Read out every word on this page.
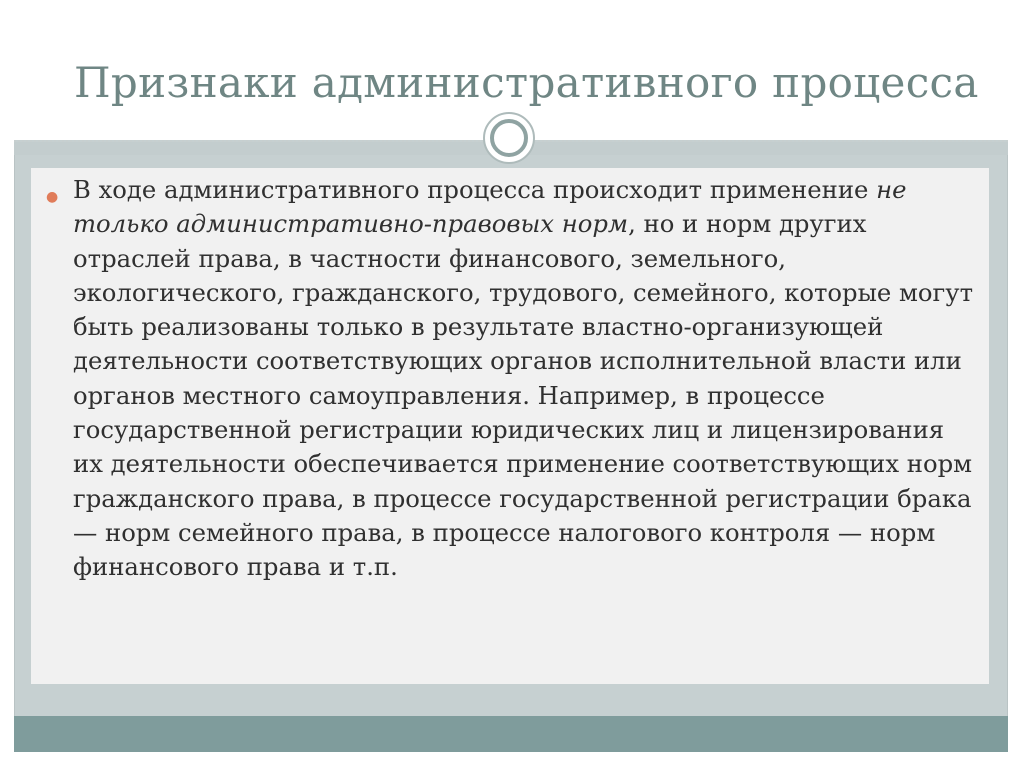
Признаки административного процесса
● В ходе административного процесса происходит применение не только административно-правовых норм, но и норм других отраслей права, в частности финансового, земельного, экологического, гражданского, трудового, семейного, которые могут быть реализованы только в результате властно-организующей деятельности соответствующих органов исполнительной власти или органов местного самоуправления. Например, в процессе государственной регистрации юридических лиц и лицензирования их деятельности обеспечивается применение соответствующих норм гражданского права, в процессе государственной регистрации брака — норм семейного права, в процессе налогового контроля — норм финансового права и т.п.
